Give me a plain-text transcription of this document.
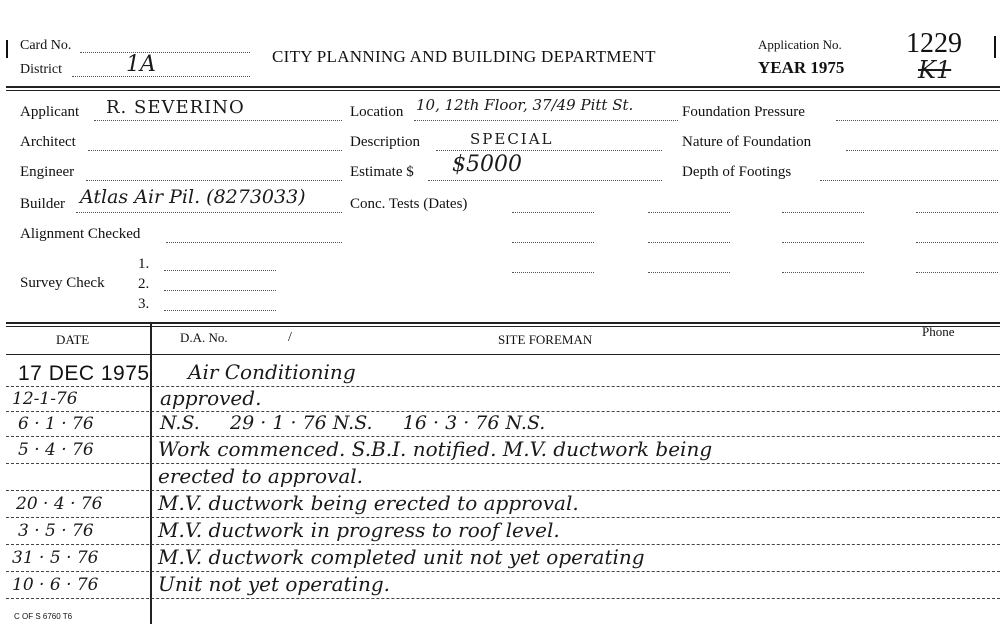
Card No.
District	1A	CITY PLANNING AND BUILDING DEPARTMENT
Application No.
YEAR 1975
1229
K1
Applicant R. SEVERINO
Architect
Engineer
Builder Atlas Air Pil. (8273033)
Alignment Checked
Survey Check
1.
2.
3.
Location 10, 12th Floor, 37/49 Pitt St.
Description	SPECIAL
Estimate $ $5000
Conc. Tests (Dates)
Foundation Pressure
Nature of Foundation
Depth of Footings
DATE	D.A. No.	/	SITE FOREMAN
Phone
17 DEC 1975 Air Conditioning
12-1-76	approved.
6 · 1 · 76	N.S.     29 · 1 · 76 N.S.     16 · 3 · 76 N.S.
5 · 4 · 76	Work commenced. S.B.I. notified. M.V. ductwork being
erected to approval.
20 · 4 · 76	M.V. ductwork being erected to approval.
3 · 5 · 76	M.V. ductwork in progress to roof level.
31 · 5 · 76	M.V. ductwork completed unit not yet operating
10 · 6 · 76	Unit not yet operating.
C OF S 6760 T6
